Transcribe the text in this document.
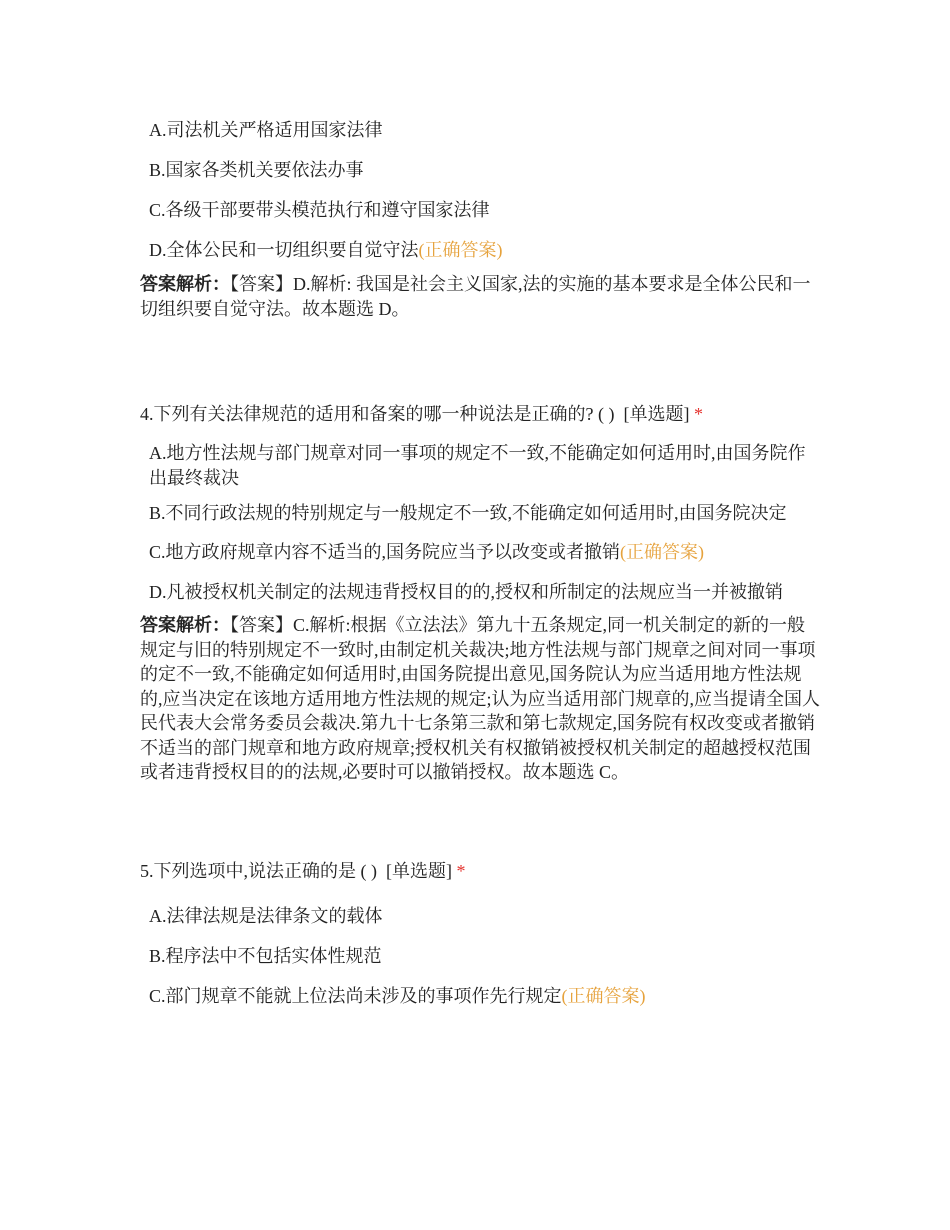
A.司法机关严格适用国家法律
B.国家各类机关要依法办事
C.各级干部要带头模范执行和遵守国家法律
D.全体公民和一切组织要自觉守法(正确答案)
答案解析：【答案】D.解析: 我国是社会主义国家,法的实施的基本要求是全体公民和一切组织要自觉守法。故本题选 D。
4.下列有关法律规范的适用和备案的哪一种说法是正确的? ( ) [单选题] *
A.地方性法规与部门规章对同一事项的规定不一致,不能确定如何适用时,由国务院作出最终裁决
B.不同行政法规的特别规定与一般规定不一致,不能确定如何适用时,由国务院决定
C.地方政府规章内容不适当的,国务院应当予以改变或者撤销(正确答案)
D.凡被授权机关制定的法规违背授权目的的,授权和所制定的法规应当一并被撤销
答案解析：【答案】C.解析:根据《立法法》第九十五条规定,同一机关制定的新的一般规定与旧的特别规定不一致时,由制定机关裁决;地方性法规与部门规章之间对同一事项的定不一致,不能确定如何适用时,由国务院提出意见,国务院认为应当适用地方性法规的,应当决定在该地方适用地方性法规的规定;认为应当适用部门规章的,应当提请全国人民代表大会常务委员会裁决.第九十七条第三款和第七款规定,国务院有权改变或者撤销不适当的部门规章和地方政府规章;授权机关有权撤销被授权机关制定的超越授权范围或者违背授权目的的法规,必要时可以撤销授权。故本题选 C。
5.下列选项中,说法正确的是 ( ) [单选题] *
A.法律法规是法律条文的载体
B.程序法中不包括实体性规范
C.部门规章不能就上位法尚未涉及的事项作先行规定(正确答案)
